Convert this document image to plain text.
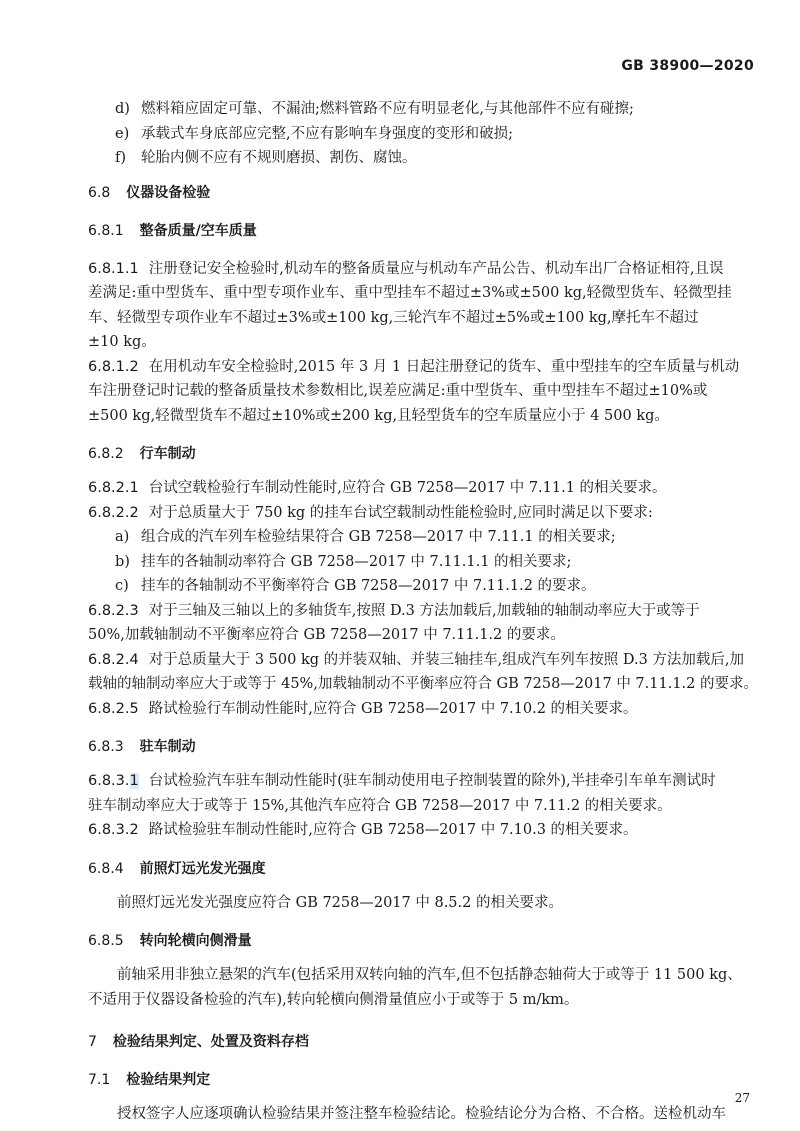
GB 38900—2020
d) 燃料箱应固定可靠、不漏油;燃料管路不应有明显老化,与其他部件不应有碰擦;
e) 承载式车身底部应完整,不应有影响车身强度的变形和破损;
f) 轮胎内侧不应有不规则磨损、割伤、腐蚀。
6.8 仪器设备检验
6.8.1 整备质量/空车质量
6.8.1.1 注册登记安全检验时,机动车的整备质量应与机动车产品公告、机动车出厂合格证相符,且误
差满足:重中型货车、重中型专项作业车、重中型挂车不超过±3%或±500 kg,轻微型货车、轻微型挂
车、轻微型专项作业车不超过±3%或±100 kg,三轮汽车不超过±5%或±100 kg,摩托车不超过
±10 kg。
6.8.1.2 在用机动车安全检验时,2015 年 3 月 1 日起注册登记的货车、重中型挂车的空车质量与机动
车注册登记时记载的整备质量技术参数相比,误差应满足:重中型货车、重中型挂车不超过±10%或
±500 kg,轻微型货车不超过±10%或±200 kg,且轻型货车的空车质量应小于 4 500 kg。
6.8.2 行车制动
6.8.2.1 台试空载检验行车制动性能时,应符合 GB 7258—2017 中 7.11.1 的相关要求。
6.8.2.2 对于总质量大于 750 kg 的挂车台试空载制动性能检验时,应同时满足以下要求:
a) 组合成的汽车列车检验结果符合 GB 7258—2017 中 7.11.1 的相关要求;
b) 挂车的各轴制动率符合 GB 7258—2017 中 7.11.1.1 的相关要求;
c) 挂车的各轴制动不平衡率符合 GB 7258—2017 中 7.11.1.2 的要求。
6.8.2.3 对于三轴及三轴以上的多轴货车,按照 D.3 方法加载后,加载轴的轴制动率应大于或等于
50%,加载轴制动不平衡率应符合 GB 7258—2017 中 7.11.1.2 的要求。
6.8.2.4 对于总质量大于 3 500 kg 的并装双轴、并装三轴挂车,组成汽车列车按照 D.3 方法加载后,加
载轴的轴制动率应大于或等于 45%,加载轴制动不平衡率应符合 GB 7258—2017 中 7.11.1.2 的要求。
6.8.2.5 路试检验行车制动性能时,应符合 GB 7258—2017 中 7.10.2 的相关要求。
6.8.3 驻车制动
6.8.3.1 台试检验汽车驻车制动性能时(驻车制动使用电子控制装置的除外),半挂牵引车单车测试时
驻车制动率应大于或等于 15%,其他汽车应符合 GB 7258—2017 中 7.11.2 的相关要求。
6.8.3.2 路试检验驻车制动性能时,应符合 GB 7258—2017 中 7.10.3 的相关要求。
6.8.4 前照灯远光发光强度
前照灯远光发光强度应符合 GB 7258—2017 中 8.5.2 的相关要求。
6.8.5 转向轮横向侧滑量
前轴采用非独立悬架的汽车(包括采用双转向轴的汽车,但不包括静态轴荷大于或等于 11 500 kg、
不适用于仪器设备检验的汽车),转向轮横向侧滑量值应小于或等于 5 m/km。
7 检验结果判定、处置及资料存档
7.1 检验结果判定
授权签字人应逐项确认检验结果并签注整车检验结论。检验结论分为合格、不合格。送检机动车
27
